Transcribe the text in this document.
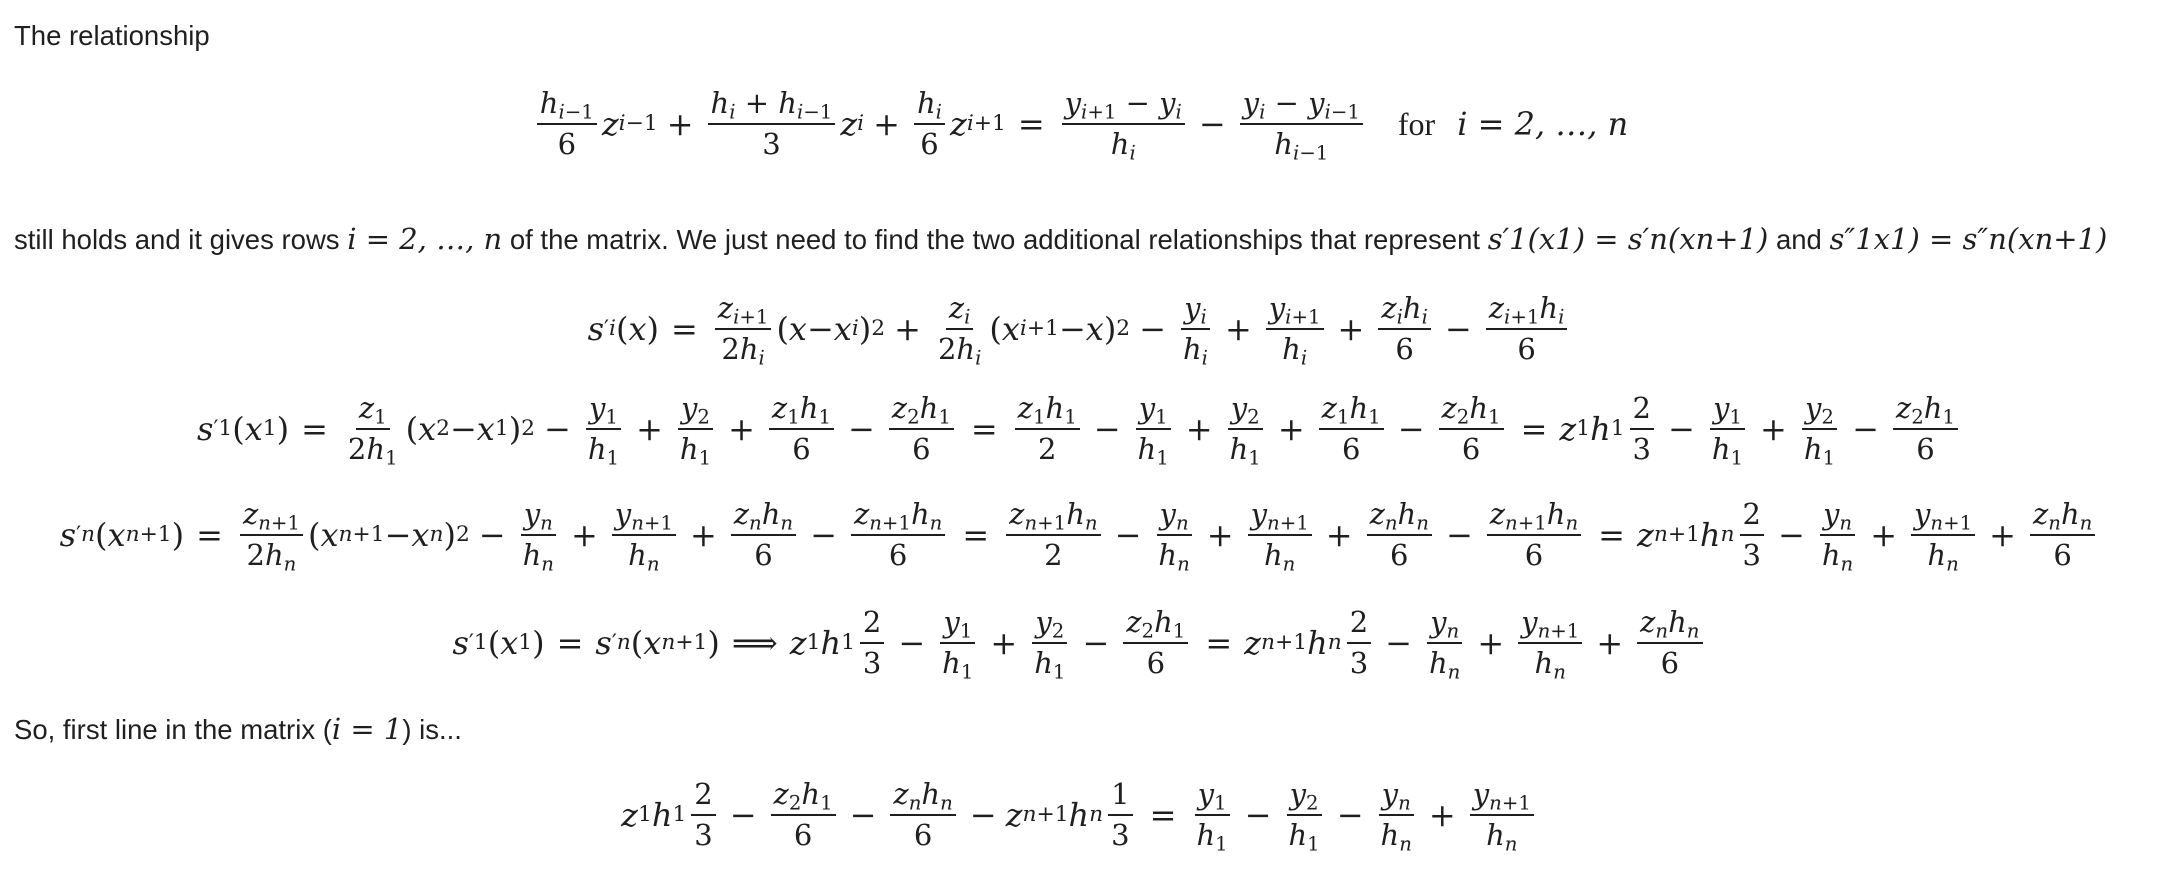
The relationship
$\frac{h_{i-1}}{6}$ z $i-1 + \frac{h_i + h_{i-1}}{3}$ z $i + \frac{h_i}{6}$ z $i+1 = \frac{y_{i+1} - y_i}{h_i} - \frac{y_i - y_{i-1}}{h_{i-1}}$ for i = 2, …, n
still holds and it gives rows i = 2, …, n of the matrix. We just need to find the two additional relationships that represent s′1(x1) = s′n(xn+1) and s″1x1) = s″n(xn+1)
s ′ i ( x ) = $\frac{z_{i+1}}{2h_i}$ ( x − x i ) $2 + \frac{z_i}{2h_i}$ ( x i+1 − x ) $2 - \frac{y_i}{h_i} + \frac{y_{i+1}}{h_i} + \frac{z_ih_i}{6} - \frac{z_{i+1}h_i}{6}$
s ′ 1 ( x 1 ) = $\frac{z_1}{2h_1}$ ( x 2 − x 1 ) $2 - \frac{y_1}{h_1} + \frac{y_2}{h_1} + \frac{z_1h_1}{6} - \frac{z_2h_1}{6} = \frac{z_1h_1}{2} - \frac{y_1}{h_1} + \frac{y_2}{h_1} + \frac{z_1h_1}{6} - \frac{z_2h_1}{6} = z$ 1 h $1 \frac{2}{3} - \frac{y_1}{h_1} + \frac{y_2}{h_1} - \frac{z_2h_1}{6}$
s ′ n ( x n+1 ) = $\frac{z_{n+1}}{2h_n}$ ( x n+1 − x n ) $2 - \frac{y_n}{h_n} + \frac{y_{n+1}}{h_n} + \frac{z_nh_n}{6} - \frac{z_{n+1}h_n}{6} = \frac{z_{n+1}h_n}{2} - \frac{y_n}{h_n} + \frac{y_{n+1}}{h_n} + \frac{z_nh_n}{6} - \frac{z_{n+1}h_n}{6} = z$ n+1 h n $\frac{2}{3} - \frac{y_n}{h_n} + \frac{y_{n+1}}{h_n} + \frac{z_nh_n}{6}$
s ′ 1 ( x 1 ) = s ′ n ( x n+1 ) ⟹ z 1 h $1 \frac{2}{3} - \frac{y_1}{h_1} + \frac{y_2}{h_1} - \frac{z_2h_1}{6} = z$ n+1 h n $\frac{2}{3} - \frac{y_n}{h_n} + \frac{y_{n+1}}{h_n} + \frac{z_nh_n}{6}$
So, first line in the matrix (i = 1) is...
z 1 h $1 \frac{2}{3} - \frac{z_2h_1}{6} - \frac{z_nh_n}{6} - z$ n+1 h n $\frac{1}{3} = \frac{y_1}{h_1} - \frac{y_2}{h_1} - \frac{y_n}{h_n} + \frac{y_{n+1}}{h_n}$
